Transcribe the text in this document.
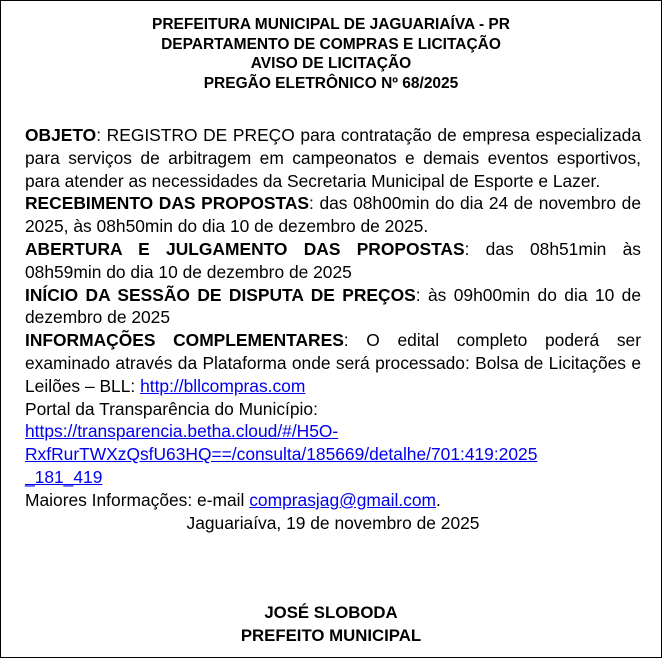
PREFEITURA MUNICIPAL DE JAGUARIAÍVA - PR
DEPARTAMENTO DE COMPRAS E LICITAÇÃO
AVISO DE LICITAÇÃO
PREGÃO ELETRÔNICO Nº 68/2025
OBJETO: REGISTRO DE PREÇO para contratação de empresa especializada para serviços de arbitragem em campeonatos e demais eventos esportivos, para atender as necessidades da Secretaria Municipal de Esporte e Lazer.
RECEBIMENTO DAS PROPOSTAS: das 08h00min do dia 24 de novembro de 2025, às 08h50min do dia 10 de dezembro de 2025.
ABERTURA E JULGAMENTO DAS PROPOSTAS: das 08h51min às 08h59min do dia 10 de dezembro de 2025
INÍCIO DA SESSÃO DE DISPUTA DE PREÇOS: às 09h00min do dia 10 de dezembro de 2025
INFORMAÇÕES COMPLEMENTARES: O edital completo poderá ser examinado através da Plataforma onde será processado: Bolsa de Licitações e Leilões – BLL: http://bllcompras.com
Portal da Transparência do Município:
https://transparencia.betha.cloud/#/H5O-
RxfRurTWXzQsfU63HQ==/consulta/185669/detalhe/701:419:2025
_181_419
Maiores Informações: e-mail comprasjag@gmail.com.
Jaguariaíva, 19 de novembro de 2025
JOSÉ SLOBODA
PREFEITO MUNICIPAL
